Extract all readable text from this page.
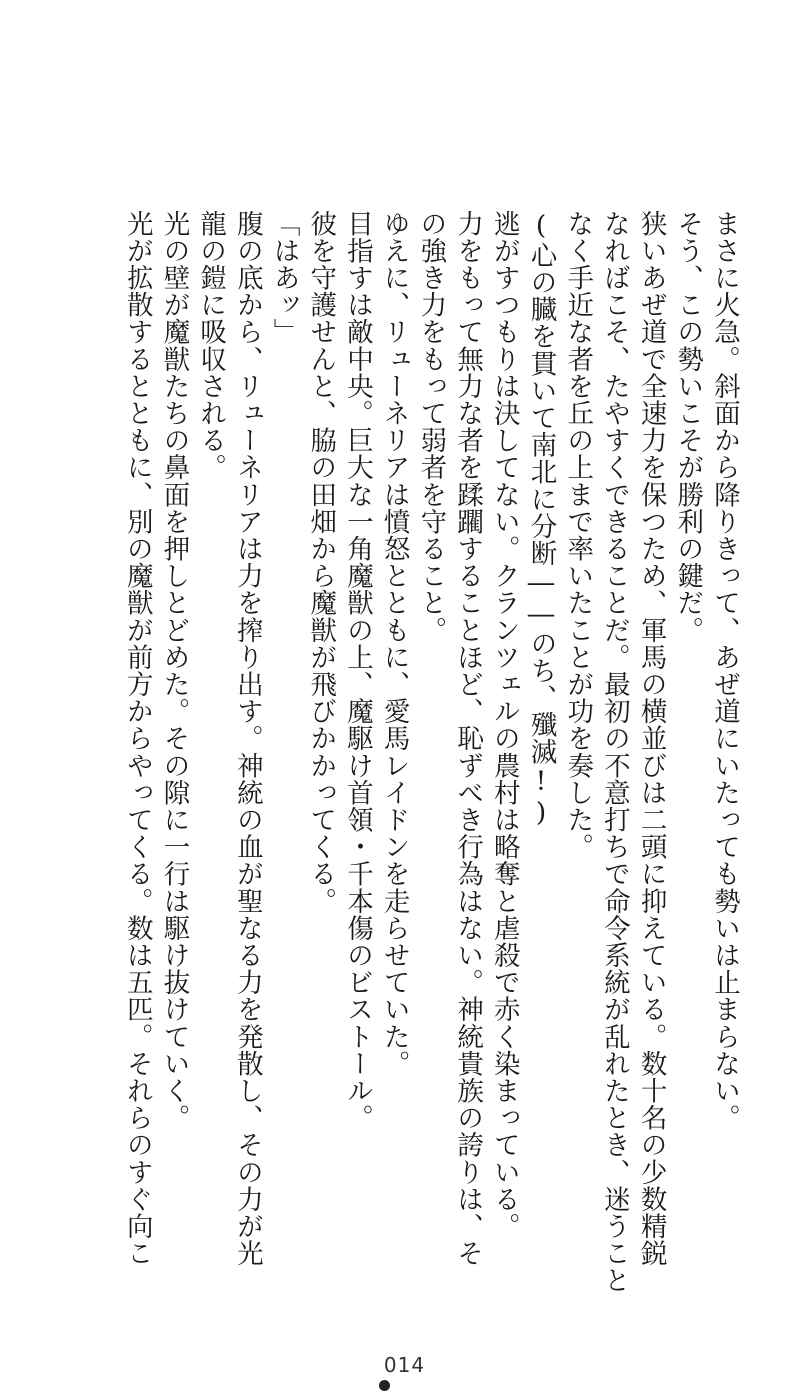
まさに火急。斜面から降りきって、あぜ道にいたっても勢いは止まらない。
そう、この勢いこそが勝利の鍵だ。
狭いあぜ道で全速力を保つため、軍馬の横並びは二頭に抑えている。数十名の少数精鋭
なればこそ、たやすくできることだ。最初の不意打ちで命令系統が乱れたとき、迷うこと
なく手近な者を丘の上まで率いたことが功を奏した。
(心の臓を貫いて南北に分断――のち、殲滅!)
逃がすつもりは決してない。クランツェルの農村は略奪と虐殺で赤く染まっている。
力をもって無力な者を蹂躙することほど、恥ずべき行為はない。神統貴族の誇りは、そ
の強き力をもって弱者を守ること。
ゆえに、リューネリアは憤怒とともに、愛馬レイドンを走らせていた。
目指すは敵中央。巨大な一角魔獣の上、魔駆け首領・千本傷のビストール。
彼を守護せんと、脇の田畑から魔獣が飛びかかってくる。
「はあッ」
腹の底から、リューネリアは力を搾り出す。神統の血が聖なる力を発散し、その力が光
龍の鎧に吸収される。
光の壁が魔獣たちの鼻面を押しとどめた。その隙に一行は駆け抜けていく。
光が拡散するとともに、別の魔獣が前方からやってくる。数は五匹。それらのすぐ向こ
014
